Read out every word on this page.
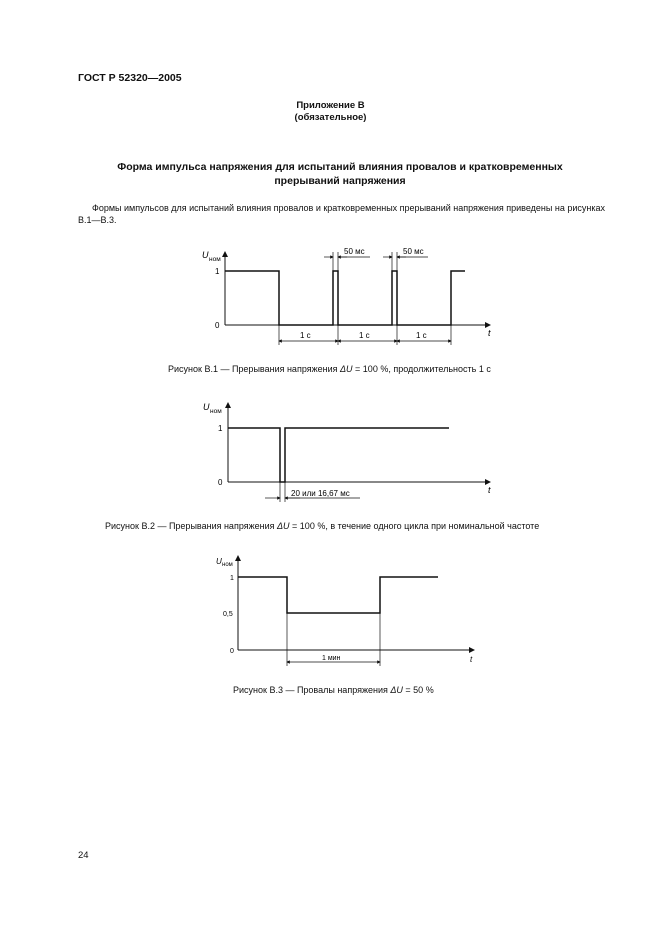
ГОСТ Р 52320—2005
Приложение В
(обязательное)
Форма импульса напряжения для испытаний влияния провалов и кратковременных
прерываний напряжения
Формы импульсов для испытаний влияния провалов и кратковременных прерываний напряжения приведены на рисунках В.1—В.3.
U ном
t
1
0
1 с	1 с	1 с
50 мс	50 мс
Рисунок В.1 — Прерывания напряжения ΔU = 100 %, продолжительность 1 с
U ном
t
1
0
20 или 16,67 мс
Рисунок В.2 — Прерывания напряжения ΔU = 100 %, в течение одного цикла при номинальной частоте
U ном
t
1
0,5
0
1 мин
Рисунок В.3 — Провалы напряжения ΔU = 50 %
24
